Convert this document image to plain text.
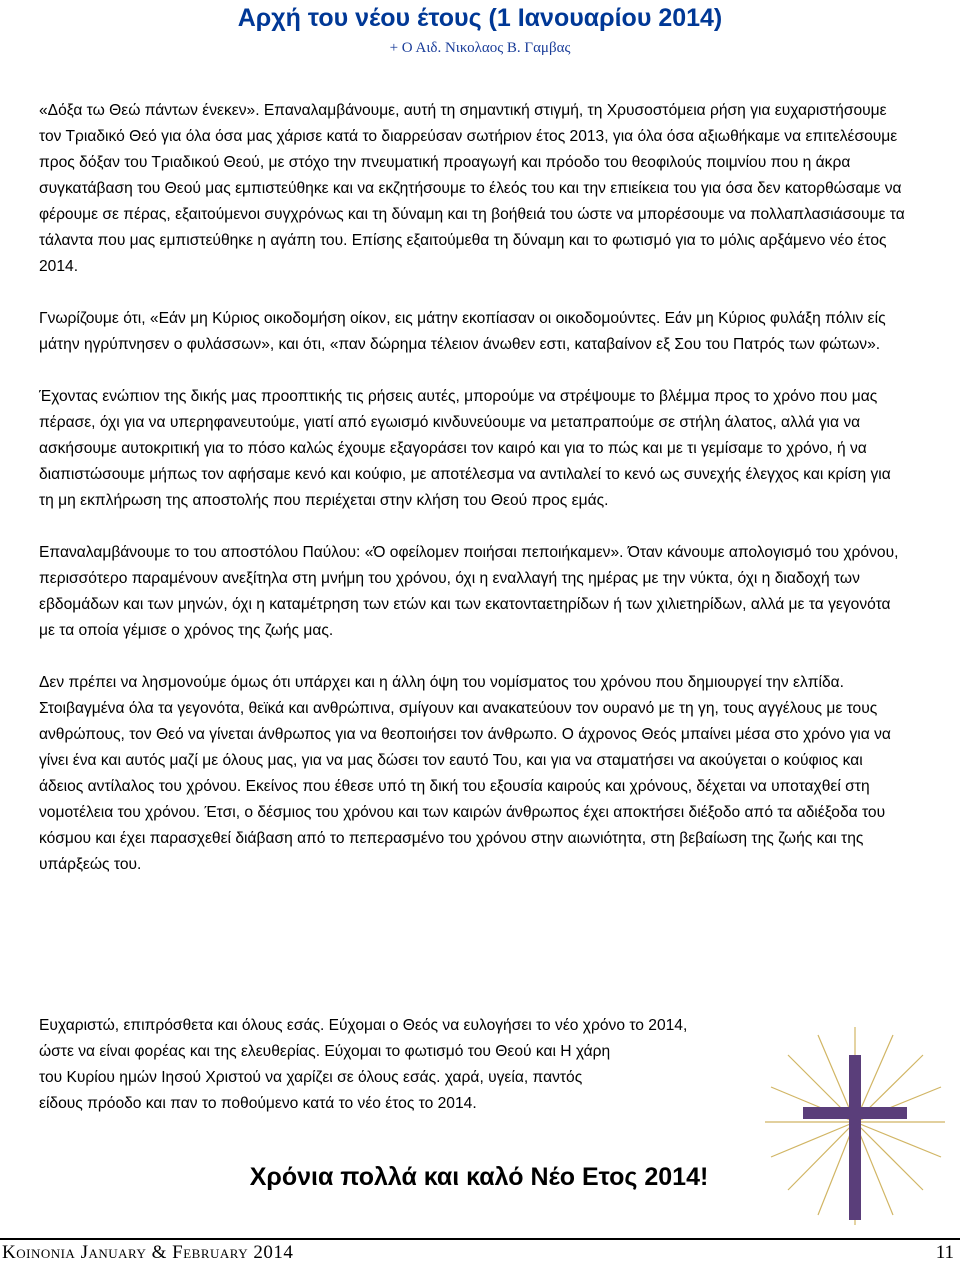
Αρχή του νέου έτους (1 Ιανουαρίου 2014)
+ Ο Αιδ. Νικολαος Β. Γαμβας

«Δόξα τω Θεώ πάντων ένεκεν». Επαναλαμβάνουμε, αυτή τη σημαντική στιγμή, τη Χρυσοστόμεια ρήση για ευχαριστήσουμε τον Τριαδικό Θεό για όλα όσα μας χάρισε κατά το διαρρεύσαν σωτήριον έτος 2013, για όλα όσα αξιωθήκαμε να επιτελέσουμε προς δόξαν του Τριαδικού Θεού, με στόχο την πνευματική προαγωγή και πρόοδο του θεοφιλούς ποιμνίου που η άκρα συγκατάβαση του Θεού μας εμπιστεύθηκε και να εκζητήσουμε το έλεός του και την επιείκεια του για όσα δεν κατορθώσαμε να φέρουμε σε πέρας, εξαιτούμενοι συγχρόνως και τη δύναμη και τη βοήθειά του ώστε να μπορέσουμε να πολλαπλασιάσουμε τα τάλαντα που μας εμπιστεύθηκε η αγάπη του. Επίσης εξαιτούμεθα τη δύναμη και το φωτισμό για το μόλις αρξάμενο νέο έτος 2014.

Γνωρίζουμε ότι, «Εάν μη Κύριος οικοδομήση οίκον, εις μάτην εκοπίασαν οι οικοδομούντες. Εάν μη Κύριος φυλάξη πόλιν είς μάτην ηγρύπνησεν ο φυλάσσων», και ότι, «παν δώρημα τέλειον άνωθεν εστι, καταβαίνον εξ Σου του Πατρός των φώτων».

Έχοντας ενώπιον της δικής μας προοπτικής τις ρήσεις αυτές, μπορούμε να στρέψουμε το βλέμμα προς το χρόνο που μας πέρασε, όχι για να υπερηφανευτούμε, γιατί από εγωισμό κινδυνεύουμε να μεταπραπούμε σε στήλη άλατος, αλλά για να ασκήσουμε αυτοκριτική για το πόσο καλώς έχουμε εξαγοράσει τον καιρό και για το πώς και με τι γεμίσαμε το χρόνο, ή να διαπιστώσουμε μήπως τον αφήσαμε κενό και κούφιο, με αποτέλεσμα να αντιλαλεί το κενό ως συνεχής έλεγχος και κρίση για τη μη εκπλήρωση της αποστολής που περιέχεται στην κλήση του Θεού προς εμάς.

Επαναλαμβάνουμε το του αποστόλου Παύλου: «Ό οφείλομεν ποιήσαι πεποιήκαμεν». Όταν κάνουμε απολογισμό του χρόνου, περισσότερο παραμένουν ανεξίτηλα στη μνήμη του χρόνου, όχι η εναλλαγή της ημέρας με την νύκτα, όχι η διαδοχή των εβδομάδων και των μηνών, όχι η καταμέτρηση των ετών και των εκατονταετηρίδων ή των χιλιετηρίδων, αλλά με τα γεγονότα με τα οποία γέμισε ο χρόνος της ζωής μας.

Δεν πρέπει να λησμονούμε όμως ότι υπάρχει και η άλλη όψη του νομίσματος του χρόνου που δημιουργεί την ελπίδα. Στοιβαγμένα όλα τα γεγονότα, θεϊκά και ανθρώπινα, σμίγουν και ανακατεύουν τον ουρανό με τη γη, τους αγγέλους με τους ανθρώπους, τον Θεό να γίνεται άνθρωπος για να θεοποιήσει τον άνθρωπο. Ο άχρονος Θεός μπαίνει μέσα στο χρόνο για να γίνει ένα και αυτός μαζί με όλους μας, για να μας δώσει τον εαυτό Του, και για να σταματήσει να ακούγεται ο κούφιος και άδειος αντίλαλος του χρόνου. Εκείνος που έθεσε υπό τη δική του εξουσία καιρούς και χρόνους, δέχεται να υποταχθεί στη νομοτέλεια του χρόνου. Έτσι, ο δέσμιος του χρόνου και των καιρών άνθρωπος έχει αποκτήσει διέξοδο από τα αδιέξοδα του κόσμου και έχει παρασχεθεί διάβαση από το πεπερασμένο του χρόνου στην αιωνιότητα, στη βεβαίωση της ζωής και της υπάρξεώς του.

Ευχαριστώ, επιπρόσθετα και όλους εσάς. Εύχομαι ο Θεός να ευλογήσει το νέο χρόνο το 2014,
ώστε να είναι φορέας και της ελευθερίας. Εύχομαι το φωτισμό του Θεού και Η χάρη
του Κυρίου ημών Ιησού Χριστού να χαρίζει σε όλους εσάς. χαρά, υγεία, παντός
είδους πρόοδο και παν το ποθούμενο κατά το νέο έτος το 2014.
Χρόνια πολλά και καλό Νέο Ετος 2014!
Koinonia January & February 2014	11
